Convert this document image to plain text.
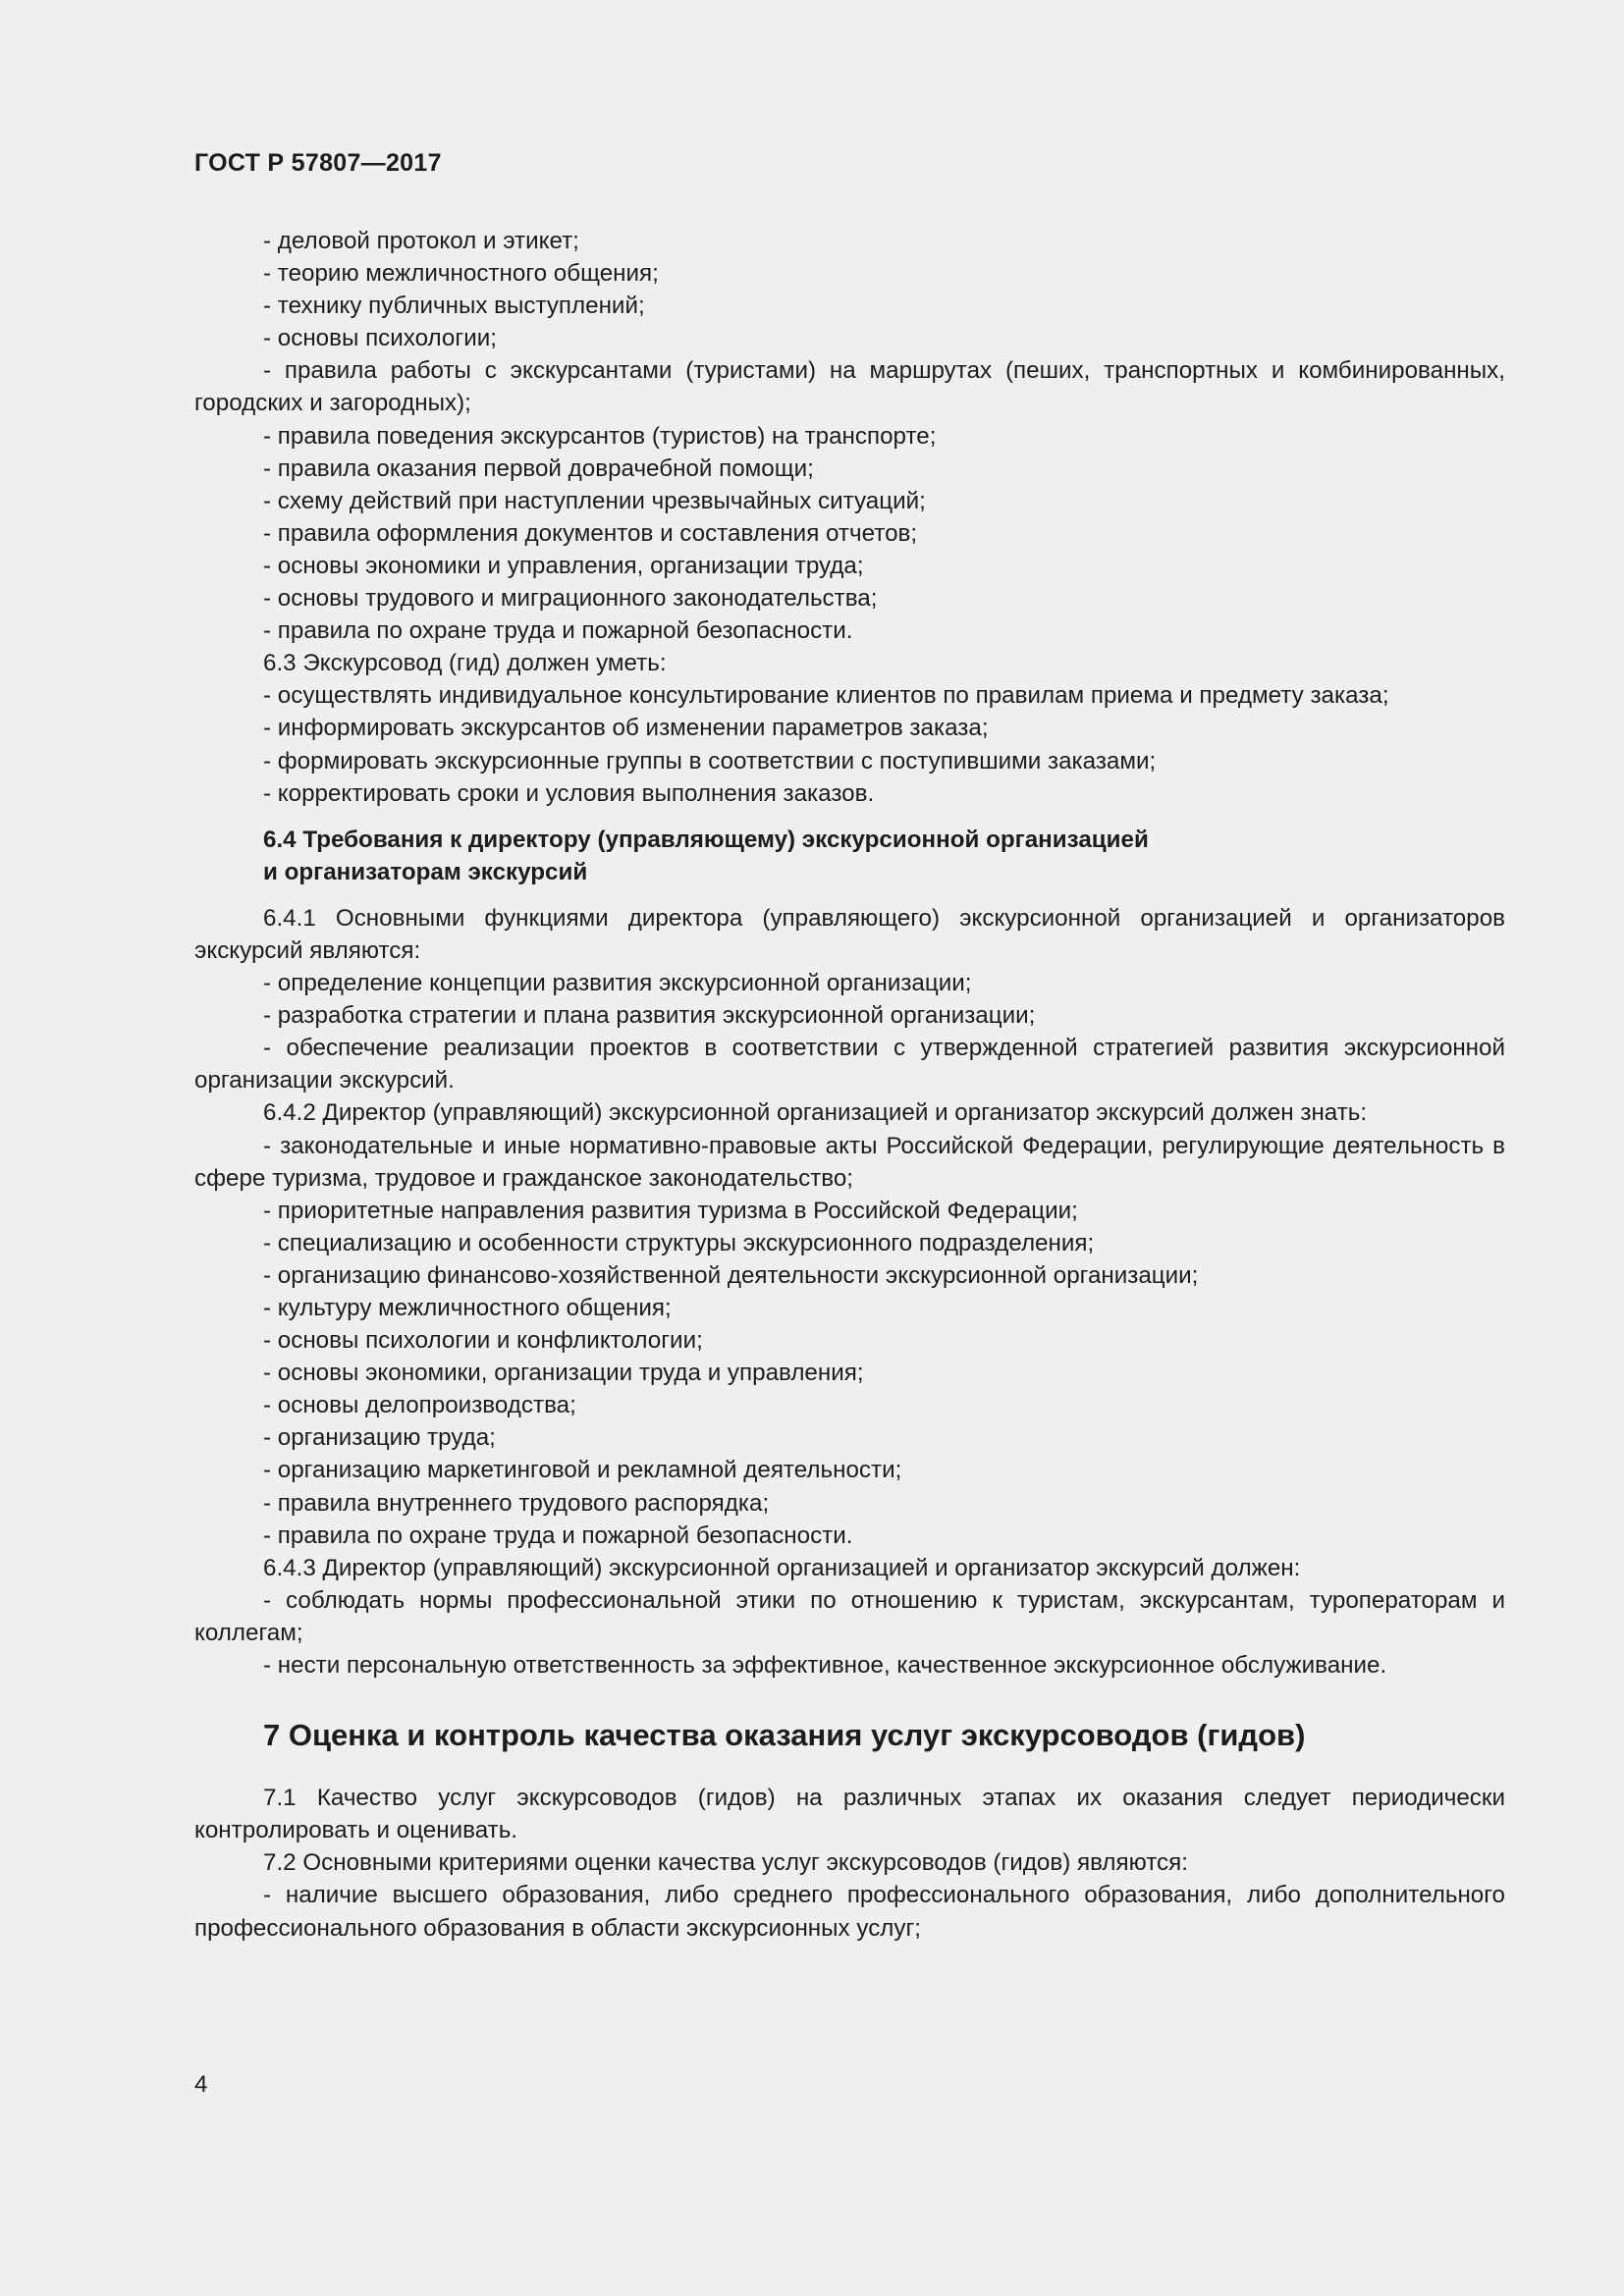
ГОСТ Р 57807—2017

- деловой протокол и этикет;

- теорию межличностного общения;

- технику публичных выступлений;

- основы психологии;

- правила работы с экскурсантами (туристами) на маршрутах (пеших, транспортных и комбинированных, городских и загородных);

- правила поведения экскурсантов (туристов) на транспорте;

- правила оказания первой доврачебной помощи;

- схему действий при наступлении чрезвычайных ситуаций;

- правила оформления документов и составления отчетов;

- основы экономики и управления, организации труда;

- основы трудового и миграционного законодательства;

- правила по охране труда и пожарной безопасности.

6.3 Экскурсовод (гид) должен уметь:

- осуществлять индивидуальное консультирование клиентов по правилам приема и предмету заказа;

- информировать экскурсантов об изменении параметров заказа;

- формировать экскурсионные группы в соответствии с поступившими заказами;

- корректировать сроки и условия выполнения заказов.

6.4 Требования к директору (управляющему) экскурсионной организацией

и организаторам экскурсий

6.4.1 Основными функциями директора (управляющего) экскурсионной организацией и организаторов экскурсий являются:

- определение концепции развития экскурсионной организации;

- разработка стратегии и плана развития экскурсионной организации;

- обеспечение реализации проектов в соответствии с утвержденной стратегией развития экскурсионной организации экскурсий.

6.4.2 Директор (управляющий) экскурсионной организацией и организатор экскурсий должен знать:

- законодательные и иные нормативно-правовые акты Российской Федерации, регулирующие деятельность в сфере туризма, трудовое и гражданское законодательство;

- приоритетные направления развития туризма в Российской Федерации;

- специализацию и особенности структуры экскурсионного подразделения;

- организацию финансово-хозяйственной деятельности экскурсионной организации;

- культуру межличностного общения;

- основы психологии и конфликтологии;

- основы экономики, организации труда и управления;

- основы делопроизводства;

- организацию труда;

- организацию маркетинговой и рекламной деятельности;

- правила внутреннего трудового распорядка;

- правила по охране труда и пожарной безопасности.

6.4.3 Директор (управляющий) экскурсионной организацией и организатор экскурсий должен:

- соблюдать нормы профессиональной этики по отношению к туристам, экскурсантам, туроператорам и коллегам;

- нести персональную ответственность за эффективное, качественное экскурсионное обслуживание.

7 Оценка и контроль качества оказания услуг экскурсоводов (гидов)

7.1 Качество услуг экскурсоводов (гидов) на различных этапах их оказания следует периодически контролировать и оценивать.

7.2 Основными критериями оценки качества услуг экскурсоводов (гидов) являются:

- наличие высшего образования, либо среднего профессионального образования, либо дополнительного профессионального образования в области экскурсионных услуг;

4
